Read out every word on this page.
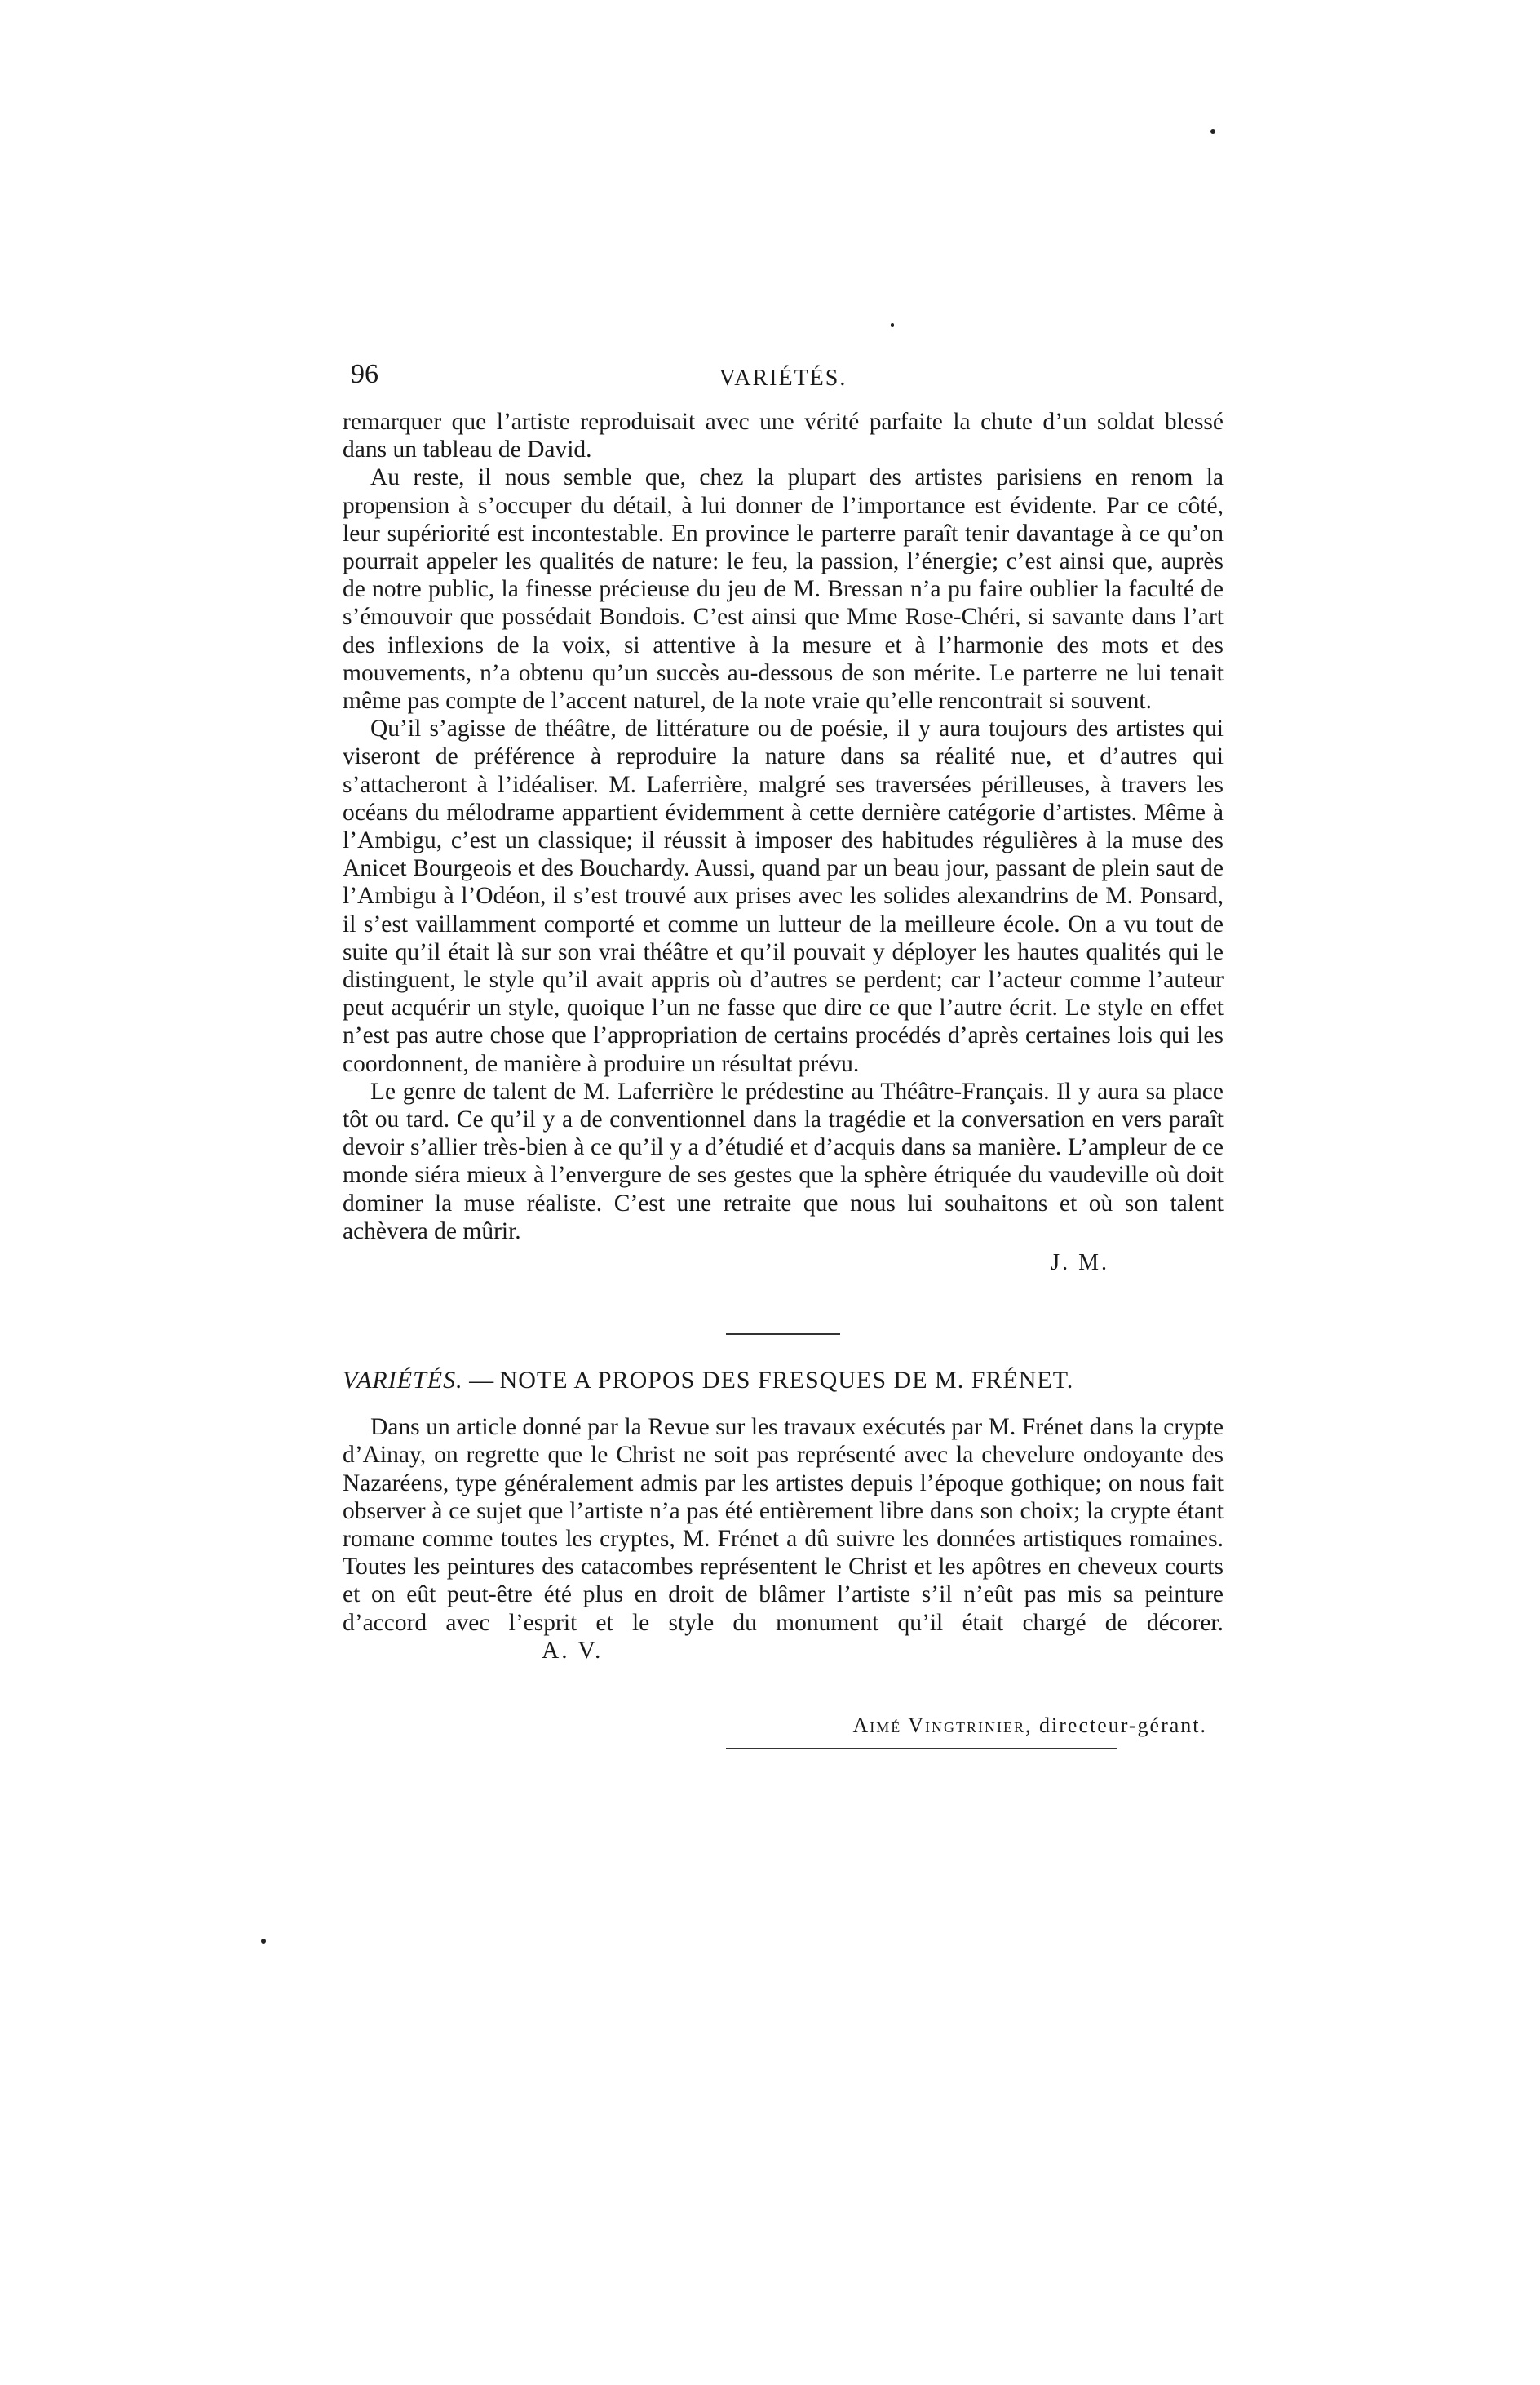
96	VARIÉTÉS.

remarquer que l’artiste reproduisait avec une vérité parfaite la chute d’un soldat blessé dans un tableau de David.

Au reste, il nous semble que, chez la plupart des artistes parisiens en renom la propension à s’occuper du détail, à lui donner de l’importance est évidente. Par ce côté, leur supériorité est incontestable. En province le parterre paraît tenir davantage à ce qu’on pourrait appeler les qualités de nature: le feu, la passion, l’énergie; c’est ainsi que, auprès de notre public, la finesse précieuse du jeu de M. Bressan n’a pu faire oublier la faculté de s’émouvoir que possédait Bondois. C’est ainsi que Mme Rose-Chéri, si savante dans l’art des inflexions de la voix, si attentive à la mesure et à l’harmonie des mots et des mouvements, n’a obtenu qu’un succès au-dessous de son mérite. Le parterre ne lui tenait même pas compte de l’accent naturel, de la note vraie qu’elle rencontrait si souvent.

Qu’il s’agisse de théâtre, de littérature ou de poésie, il y aura toujours des artistes qui viseront de préférence à reproduire la nature dans sa réalité nue, et d’autres qui s’attacheront à l’idéaliser. M. Laferrière, malgré ses traversées périlleuses, à travers les océans du mélodrame appartient évidemment à cette dernière catégorie d’artistes. Même à l’Ambigu, c’est un classique; il réussit à imposer des habitudes régulières à la muse des Anicet Bourgeois et des Bouchardy. Aussi, quand par un beau jour, passant de plein saut de l’Ambigu à l’Odéon, il s’est trouvé aux prises avec les solides alexandrins de M. Ponsard, il s’est vaillamment comporté et comme un lutteur de la meilleure école. On a vu tout de suite qu’il était là sur son vrai théâtre et qu’il pouvait y déployer les hautes qualités qui le distinguent, le style qu’il avait appris où d’autres se perdent; car l’acteur comme l’auteur peut acquérir un style, quoique l’un ne fasse que dire ce que l’autre écrit. Le style en effet n’est pas autre chose que l’appropriation de certains procédés d’après certaines lois qui les coordonnent, de manière à produire un résultat prévu.

Le genre de talent de M. Laferrière le prédestine au Théâtre-Français. Il y aura sa place tôt ou tard. Ce qu’il y a de conventionnel dans la tragédie et la conversation en vers paraît devoir s’allier très-bien à ce qu’il y a d’étudié et d’acquis dans sa manière. L’ampleur de ce monde siéra mieux à l’envergure de ses gestes que la sphère étriquée du vaudeville où doit dominer la muse réaliste. C’est une retraite que nous lui souhaitons et où son talent achèvera de mûrir.

J. M.
VARIÉTÉS. — NOTE A PROPOS DES FRESQUES DE M. FRÉNET.

Dans un article donné par la Revue sur les travaux exécutés par M. Frénet dans la crypte d’Ainay, on regrette que le Christ ne soit pas représenté avec la chevelure ondoyante des Nazaréens, type généralement admis par les artistes depuis l’époque gothique; on nous fait observer à ce sujet que l’artiste n’a pas été entièrement libre dans son choix; la crypte étant romane comme toutes les cryptes, M. Frénet a dû suivre les données artistiques romaines. Toutes les peintures des catacombes représentent le Christ et les apôtres en cheveux courts et on eût peut-être été plus en droit de blâmer l’artiste s’il n’eût pas mis sa peinture d’accord avec l’esprit et le style du monument qu’il était chargé de décorer.A. V.

Aimé Vingtrinier, directeur-gérant.
